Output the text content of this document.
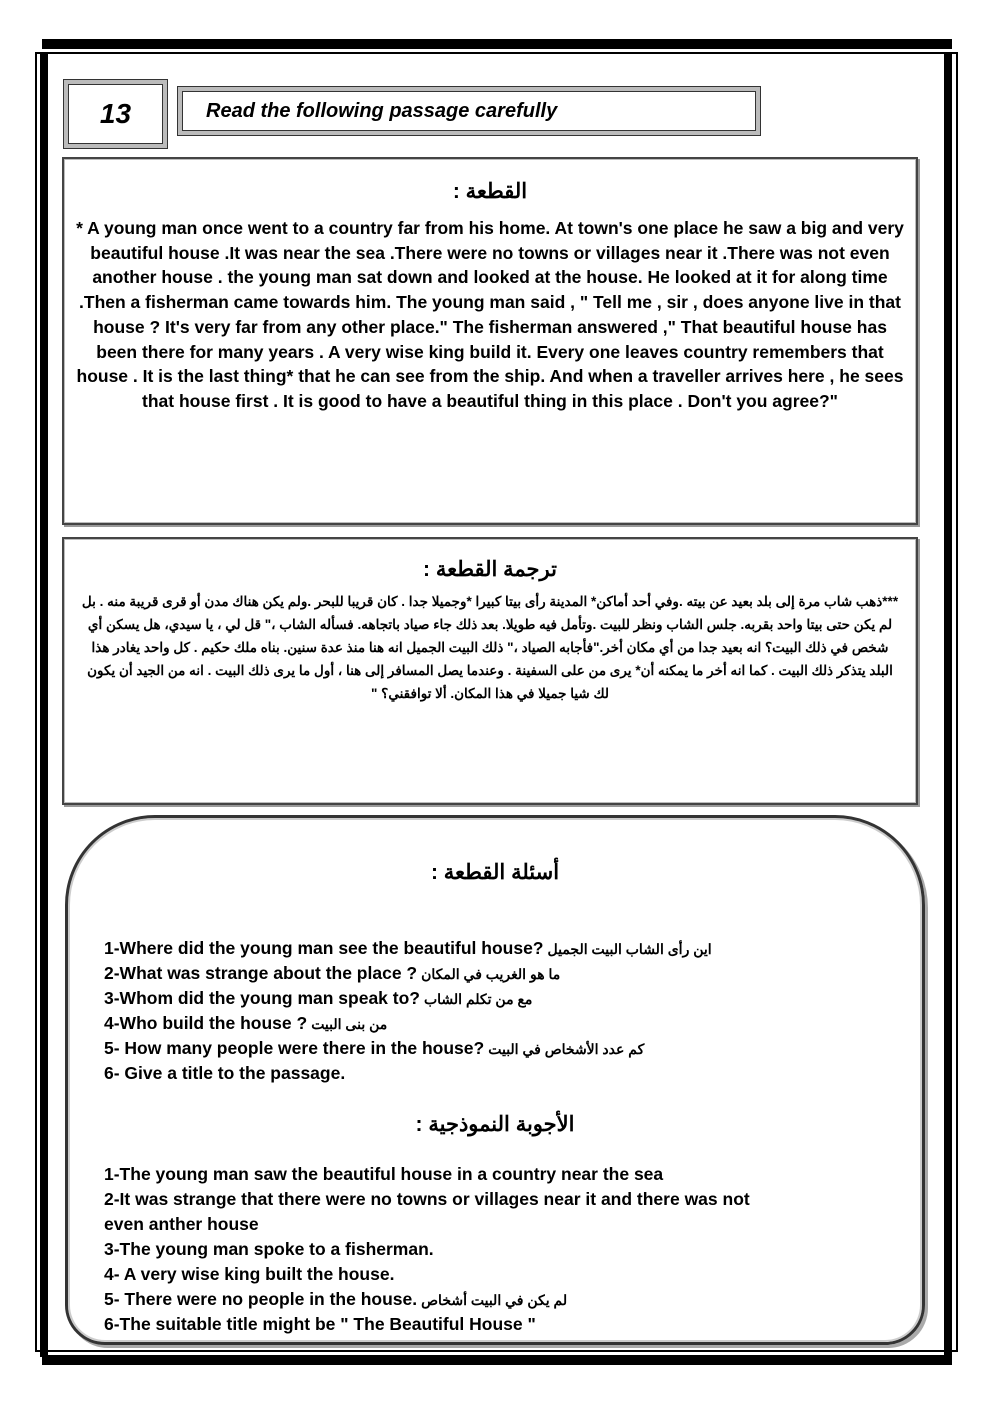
13	Read the following passage carefully
القطعة :
* A young man once went to a country far from his home. At town's one place he saw a big and very beautiful house .It was near the sea .There were no towns or villages near it .There was not even another house . the young man sat down and looked at the house. He looked at it for along time .Then a fisherman came towards him. The young man said , " Tell me , sir , does anyone live in that house ? It's very far from any other place." The fisherman answered ," That beautiful house has been there for many years . A very wise king build it. Every one leaves country remembers that house . It is the last thing* that he can see from the ship. And when a traveller arrives here , he sees that house first . It is good to have a beautiful thing in this place . Don't you agree?"
ترجمة القطعة :
***ذهب شاب مرة إلى بلد بعيد عن بيته .وفي أحد أماكن* المدينة رأى بيتا كبيرا *وجميلا جدا . كان قريبا للبحر .ولم يكن هناك مدن أو قرى قريبة منه . بل لم يكن حتى بيتا واحد بقربه. جلس الشاب ونظر للبيت .وتأمل فيه طويلا. بعد ذلك جاء صياد باتجاهه. فسأله الشاب ،" قل لي ، يا سيدي، هل يسكن أي شخص في ذلك البيت؟ انه بعيد جدا من أي مكان أخر."فأجابه الصياد ،" ذلك البيت الجميل انه هنا منذ عدة سنين. بناه ملك حكيم . كل واحد يغادر هذا البلد يتذكر ذلك البيت . كما انه أخر ما يمكنه أن* يرى من على السفينة . وعندما يصل المسافر إلى هنا ، أول ما يرى ذلك البيت . انه من الجيد أن يكون لك شيا جميلا في هذا المكان. ألا توافقني؟ "
أسئلة القطعة :
1-Where did the young man see the beautiful house? اين رأى الشاب البيت الجميل
2-What was strange about the place ? ما هو الغريب في المكان
3-Whom did the young man speak to? مع من تكلم الشاب
4-Who build the house ? من بنى البيت
5- How many people were there in the house? كم عدد الأشخاص في البيت
6- Give a title to the passage.
الأجوبة النموذجية :
1-The young man saw the beautiful house in a country near the sea
2-It was strange that there were no towns or villages near it and there was not
even anther house
3-The young man spoke to a fisherman.
4- A very wise king built the house.
5- There were no people in the house. لم يكن في البيت أشخاص
6-The suitable title might be " The Beautiful House "
